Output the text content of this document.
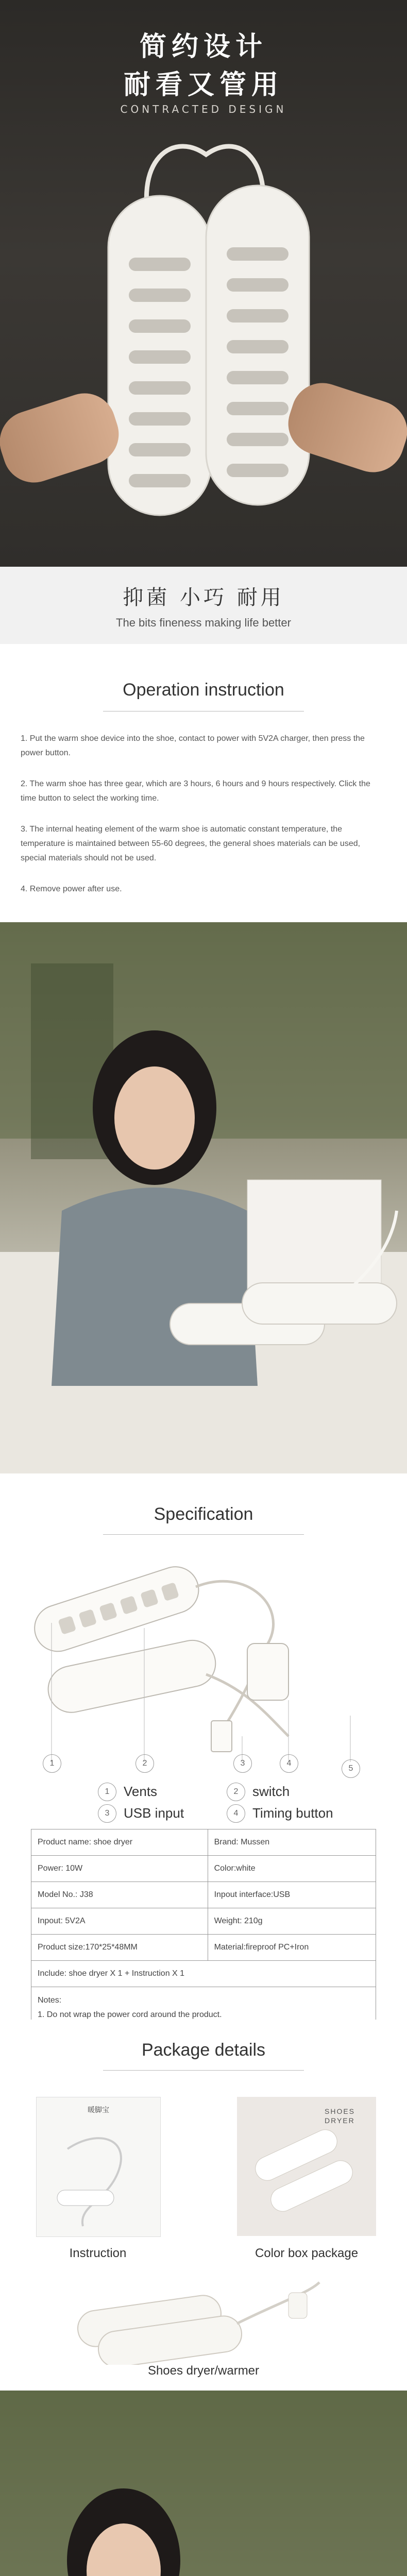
简约设计
耐看又管用
CONTRACTED DESIGN
抑菌 小巧 耐用
The bits fineness making life better
Operation instruction
1. Put the warm shoe device into the shoe, contact to power with 5V2A charger, then press the power button.
2. The warm shoe has three gear, which are 3 hours, 6 hours and 9 hours respectively. Click the time button to select the working time.
3. The internal heating element of the warm shoe is automatic constant temperature, the temperature is maintained between 55-60 degrees, the general shoes materials can be used, special materials should not be used.
4. Remove power after use.
Specification
1	2	3	4
5
1	Vents	2	switch
3	USB input	4	Timing button
Product name: shoe dryer	Brand: Mussen
Power: 10W	Color:white
Model No.: J38	Inpout interface:USB
Inpout: 5V2A	Weight: 210g
Product size:170*25*48MM	Material:fireproof PC+Iron
Include: shoe dryer X 1 + Instruction X 1	

Notes:
1. Do not wrap the power cord around the product.	
Package details
暖脚宝
Instruction
SHOES
DRYER
Color box package
Shoes dryer/warmer
